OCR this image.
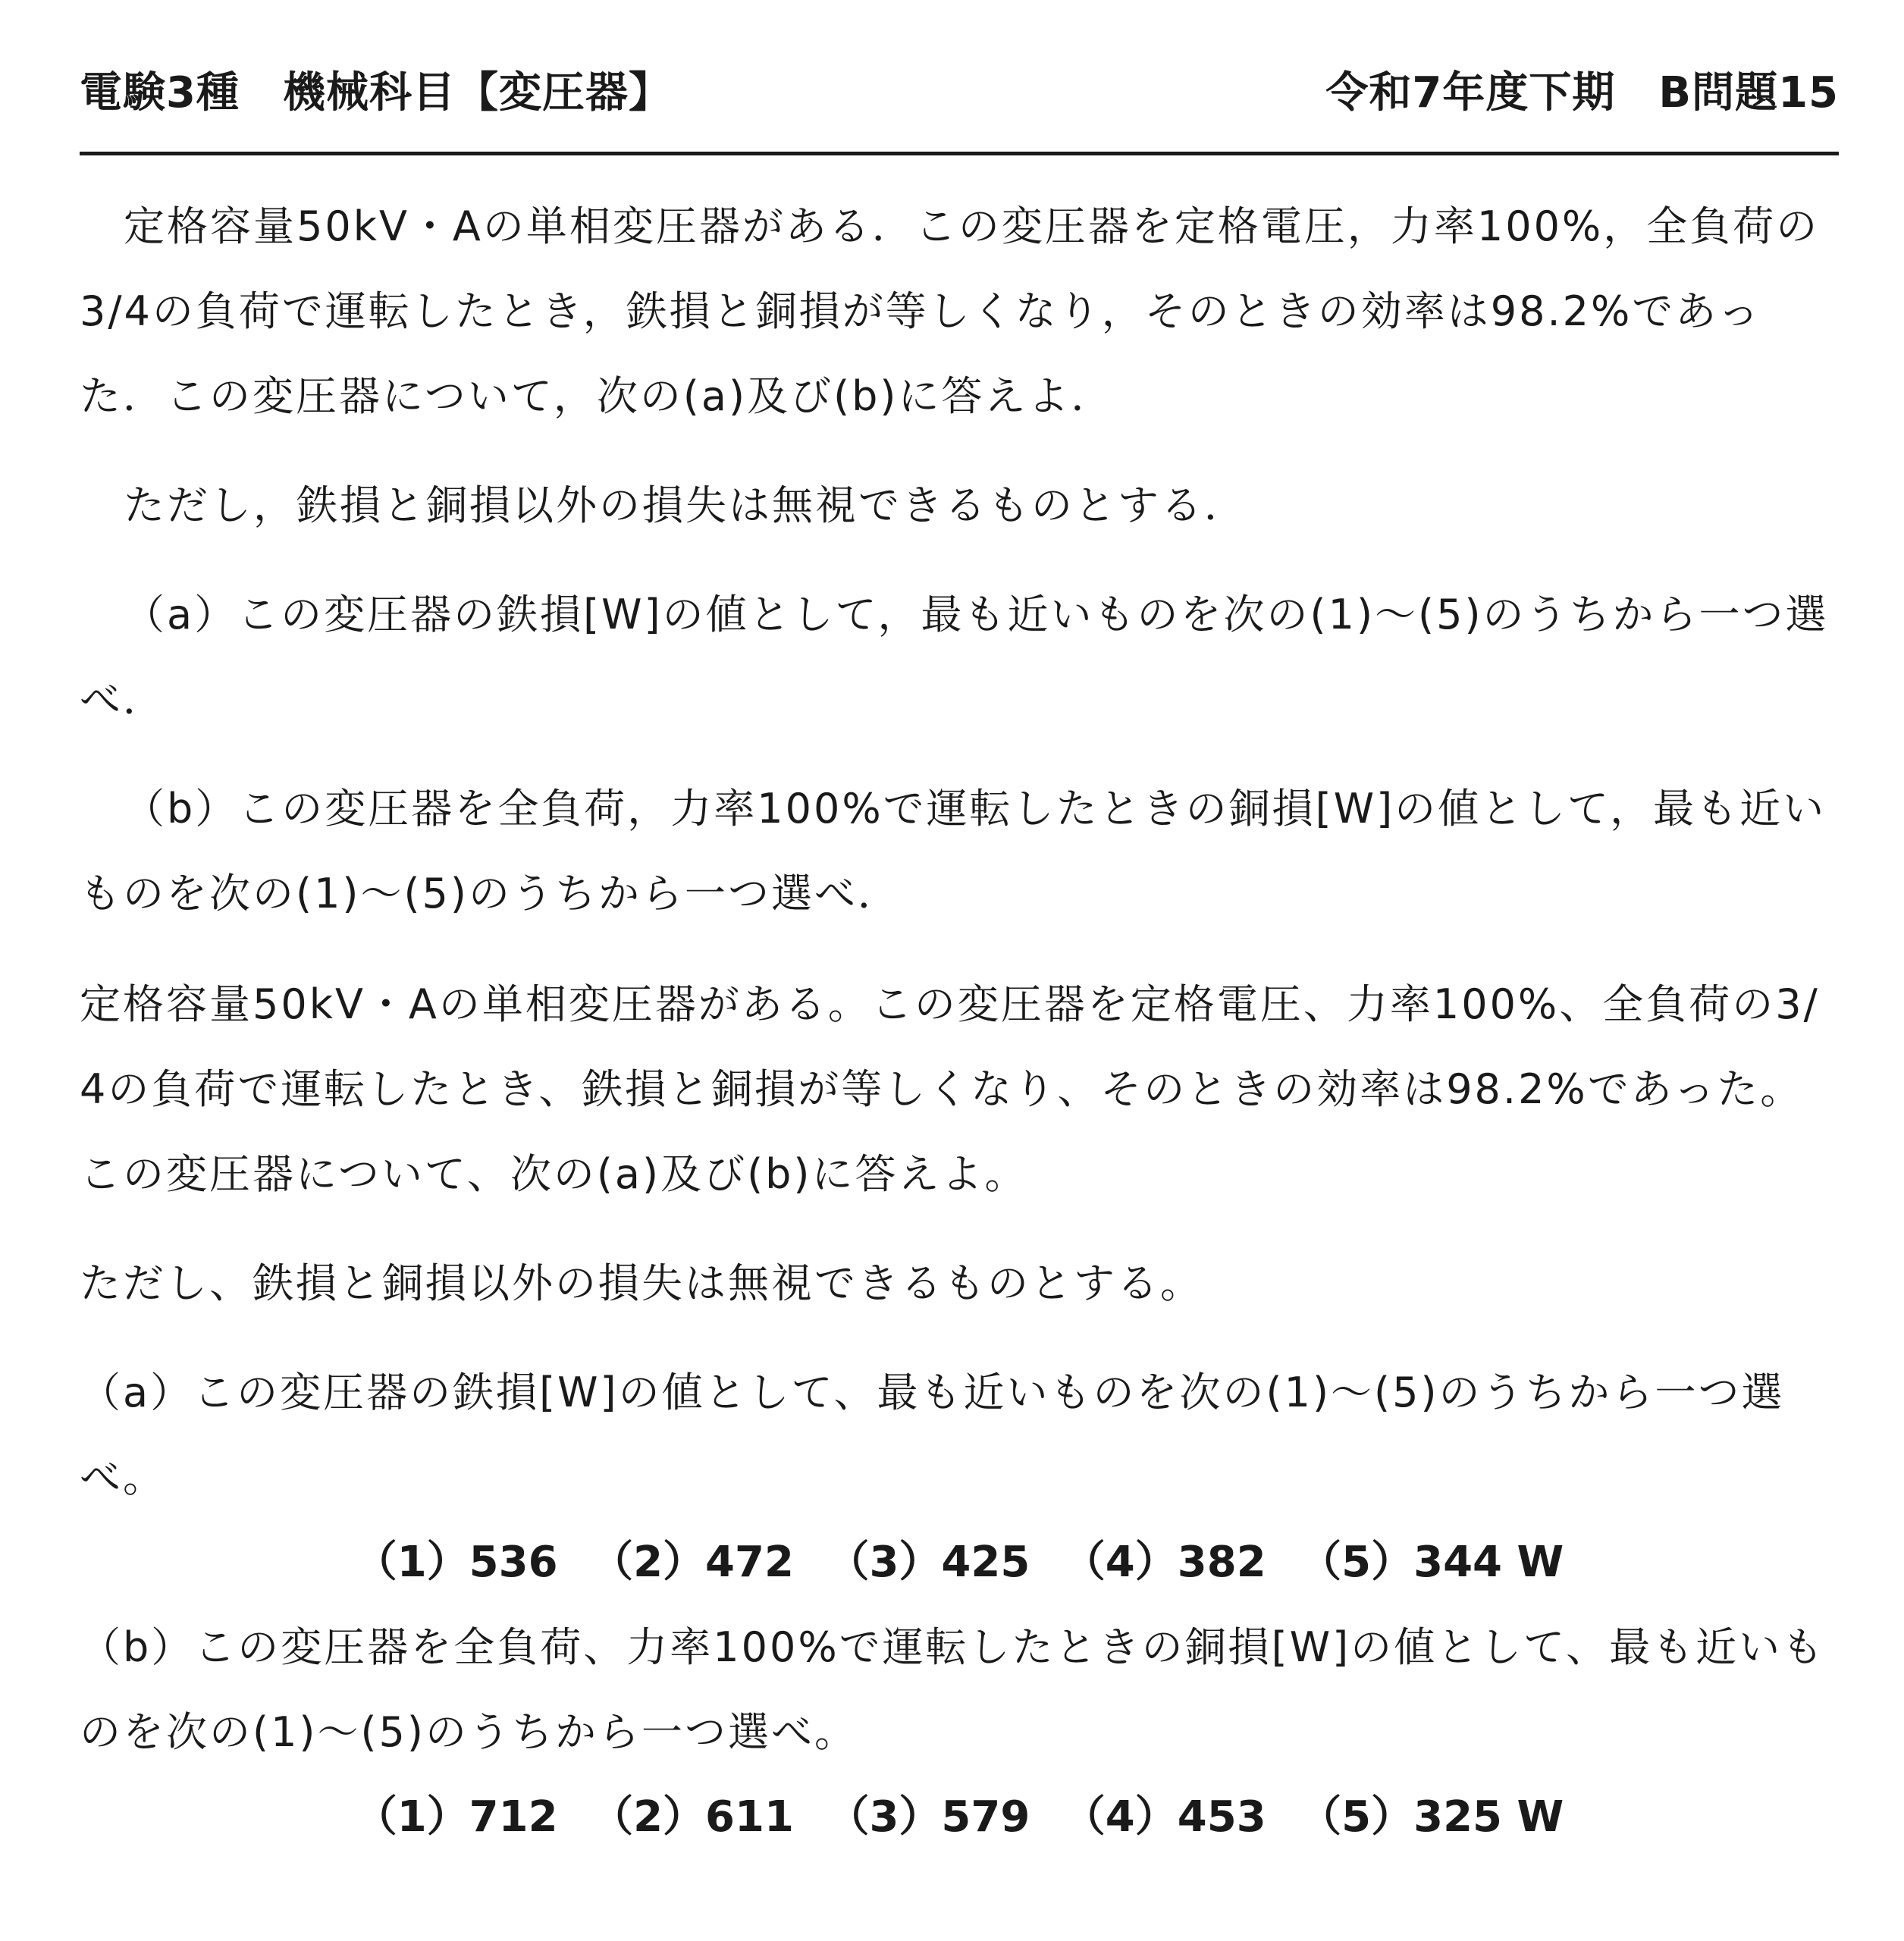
電験3種　機械科目【変圧器】	令和7年度下期　B問題15

定格容量50kV・Aの単相変圧器がある．この変圧器を定格電圧，力率100%，全負荷の3/4の負荷で運転したとき，鉄損と銅損が等しくなり，そのときの効率は98.2%であった．この変圧器について，次の(a)及び(b)に答えよ．

ただし，鉄損と銅損以外の損失は無視できるものとする．

（a）この変圧器の鉄損[W]の値として，最も近いものを次の(1)〜(5)のうちから一つ選べ．

（b）この変圧器を全負荷，力率100%で運転したときの銅損[W]の値として，最も近いものを次の(1)〜(5)のうちから一つ選べ．

定格容量50kV・Aの単相変圧器がある。この変圧器を定格電圧、力率100%、全負荷の3/4の負荷で運転したとき、鉄損と銅損が等しくなり、そのときの効率は98.2%であった。この変圧器について、次の(a)及び(b)に答えよ。

ただし、鉄損と銅損以外の損失は無視できるものとする。

（a）この変圧器の鉄損[W]の値として、最も近いものを次の(1)〜(5)のうちから一つ選べ。

（1）536 （2）472 （3）425 （4）382 （5）344 W

（b）この変圧器を全負荷、力率100%で運転したときの銅損[W]の値として、最も近いものを次の(1)〜(5)のうちから一つ選べ。

（1）712 （2）611 （3）579 （4）453 （5）325 W
